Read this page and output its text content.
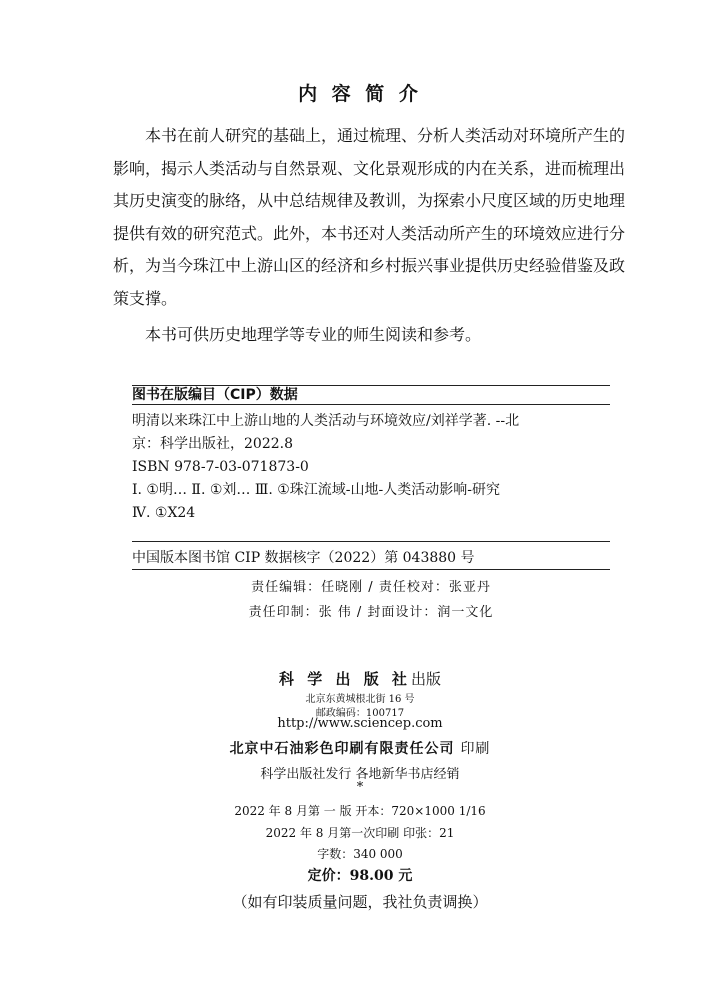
内 容 简 介

本书在前人研究的基础上，通过梳理、分析人类活动对环境所产生的影响，揭示人类活动与自然景观、文化景观形成的内在关系，进而梳理出其历史演变的脉络，从中总结规律及教训，为探索小尺度区域的历史地理提供有效的研究范式。此外，本书还对人类活动所产生的环境效应进行分析，为当今珠江中上游山区的经济和乡村振兴事业提供历史经验借鉴及政策支撑。

本书可供历史地理学等专业的师生阅读和参考。

图书在版编目（CIP）数据
明清以来珠江中上游山地的人类活动与环境效应/刘祥学著. --北
京：科学出版社，2022.8
ISBN 978-7-03-071873-0
Ⅰ. ①明… Ⅱ. ①刘… Ⅲ. ①珠江流域-山地-人类活动影响-研究
Ⅳ. ①X24
中国版本图书馆 CIP 数据核字（2022）第 043880 号
责任编辑：任晓刚 / 责任校对：张亚丹
责任印制：张 伟 / 封面设计：润一文化
科 学 出 版 社出版
北京东黄城根北街 16 号
邮政编码：100717
http://www.sciencep.com
北京中石油彩色印刷有限责任公司 印刷
科学出版社发行 各地新华书店经销
*
2022 年 8 月第 一 版 开本：720×1000 1/16
2022 年 8 月第一次印刷 印张：21
字数：340 000
定价：98.00 元
（如有印装质量问题，我社负责调换）
